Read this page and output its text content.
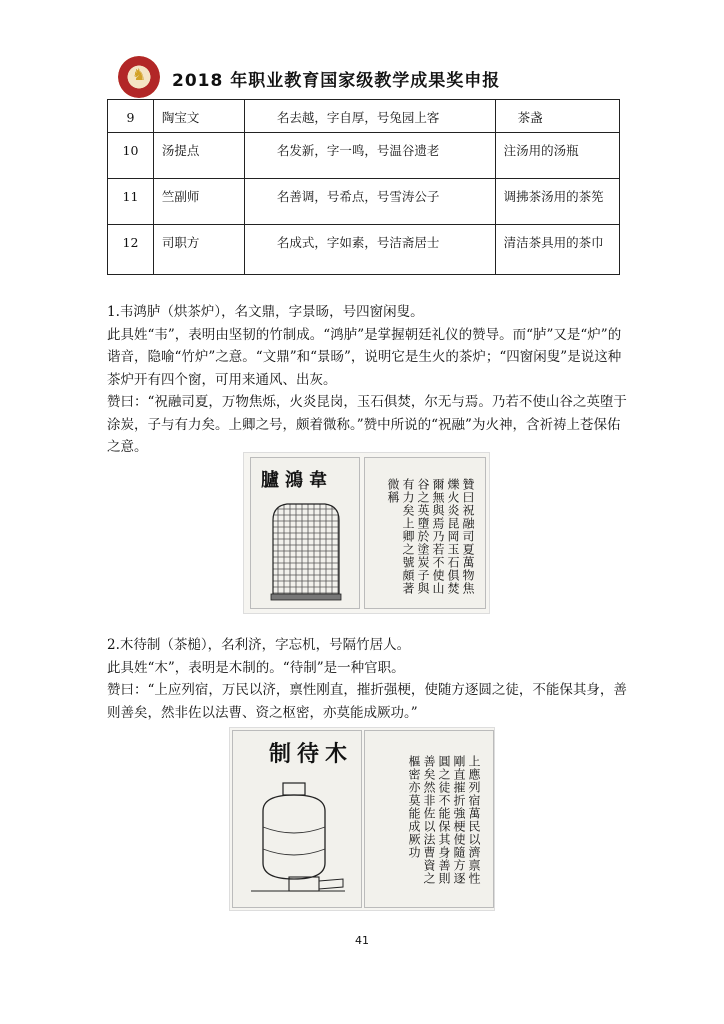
♞ 2018 年职业教育国家级教学成果奖申报
9	陶宝文	名去越，字自厚，号兔园上客	茶盏
10	汤提点	名发新，字一鸣，号温谷遗老	注汤用的汤瓶
11	竺副师	名善调，号希点，号雪涛公子	调拂茶汤用的茶筅
12	司职方	名成式，字如素，号洁斋居士	清洁茶具用的茶巾

1.韦鸿胪（烘茶炉），名文鼎，字景旸，号四窗闲叟。

此具姓“韦”，表明由坚韧的竹制成。“鸿胪”是掌握朝廷礼仪的赞导。而“胪”又是“炉”的谐音，隐喻“竹炉”之意。“文鼎”和“景旸”，说明它是生火的茶炉；“四窗闲叟”是说这种茶炉开有四个窗，可用来通风、出灰。

赞曰：“祝融司夏，万物焦烁，火炎昆岗，玉石俱焚，尔无与焉。乃若不使山谷之英堕于涂炭，子与有力矣。上卿之号，颇着微称。”赞中所说的“祝融”为火神，含祈祷上苍保佑之意。

臚鴻韋	贊曰祝融司夏萬物焦爍火炎昆岡玉石俱焚爾無與焉乃若不使山谷之英墮於塗炭子與有力矣上卿之號頗著微稱

2.木待制（茶槌），名利济，字忘机，号隔竹居人。

此具姓“木”，表明是木制的。“待制”是一种官职。

赞曰：“上应列宿，万民以济，禀性刚直，摧折强梗，使随方逐圆之徒，不能保其身，善则善矣，然非佐以法曹、资之枢密，亦莫能成厥功。”

制待木
上應列宿萬民以濟禀性剛直摧折強梗使隨方逐圓之徒不能保其身善則善矣然非佐以法曹資之樞密亦莫能成厥功
41
